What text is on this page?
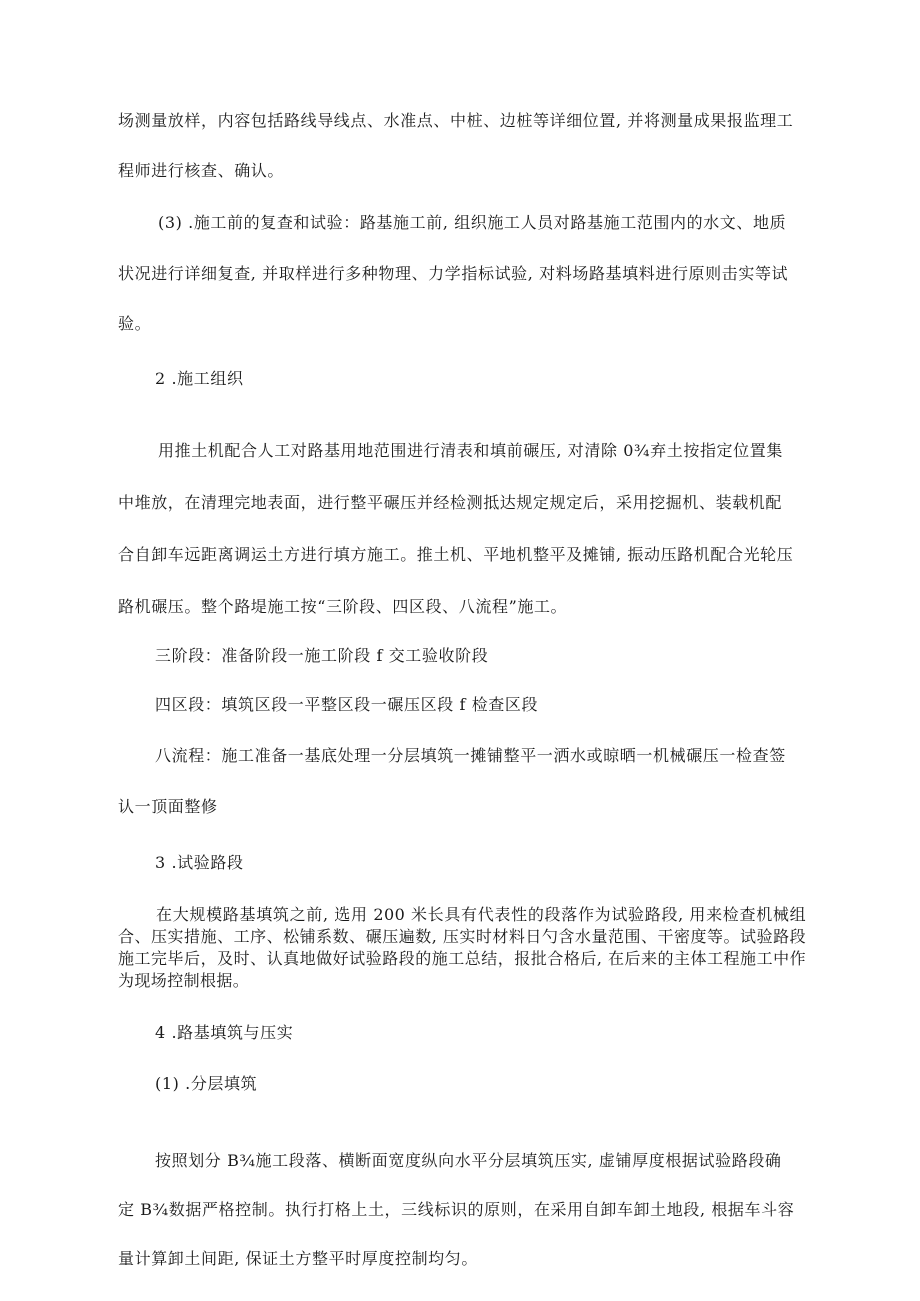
场测量放样，内容包括路线导线点、水准点、中桩、边桩等详细位置, 并将测量成果报监理工
程师进行核查、确认。
(3) .施工前的复查和试验：路基施工前, 组织施工人员对路基施工范围内的水文、地质
状况进行详细复查, 并取样进行多种物理、力学指标试验, 对料场路基填料进行原则击实等试
验。
2 .施工组织
用推土机配合人工对路基用地范围进行清表和填前碾压, 对清除 0¾弃土按指定位置集
中堆放，在清理完地表面，进行整平碾压并经检测抵达规定规定后，采用挖掘机、装载机配
合自卸车远距离调运土方进行填方施工。推土机、平地机整平及摊铺, 振动压路机配合光轮压
路机碾压。整个路堤施工按“三阶段、四区段、八流程”施工。
三阶段：准备阶段一施工阶段 f 交工验收阶段
四区段：填筑区段一平整区段一碾压区段 f 检查区段
八流程：施工准备一基底处理一分层填筑一摊铺整平一洒水或晾晒一机械碾压一检查签
认一顶面整修
3 .试验路段
在大规模路基填筑之前, 选用 200 米长具有代表性的段落作为试验路段, 用来检查机械组合、压实措施、工序、松铺系数、碾压遍数, 压实时材料日勺含水量范围、干密度等。试验路段施工完毕后，及时、认真地做好试验路段的施工总结，报批合格后, 在后来的主体工程施工中作为现场控制根据。
4 .路基填筑与压实
(1) .分层填筑
按照划分 B¾施工段落、横断面宽度纵向水平分层填筑压实, 虚铺厚度根据试验路段确
定 B¾数据严格控制。执行打格上土，三线标识的原则，在采用自卸车卸土地段, 根据车斗容
量计算卸土间距, 保证土方整平时厚度控制均匀。
